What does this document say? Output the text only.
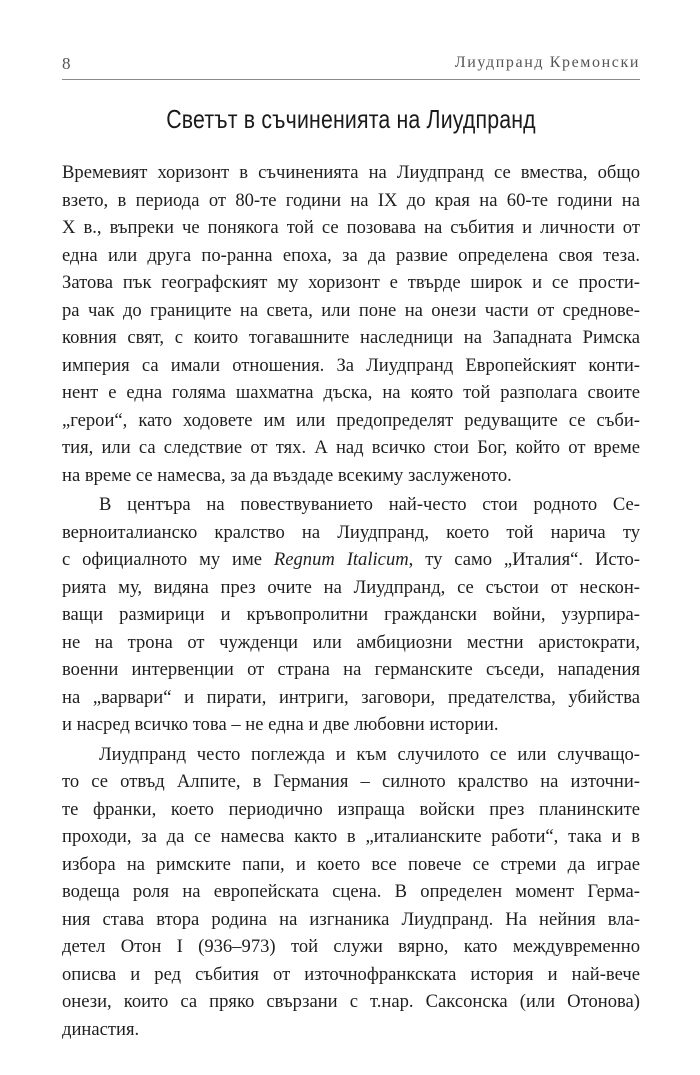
8	Лиудпранд Кремонски
Светът в съчиненията на Лиудпранд
Времевият хоризонт в съчиненията на Лиудпранд се вмества, общо
взето, в периода от 80-те години на IX до края на 60-те години на
X в., въпреки че понякога той се позовава на събития и личности от
една или друга по-ранна епоха, за да развие определена своя теза.
Затова пък географският му хоризонт е твърде широк и се прости-
ра чак до границите на света, или поне на онези части от среднове-
ковния свят, с които тогавашните наследници на Западната Римска
империя са имали отношения. За Лиудпранд Европейският конти-
нент е една голяма шахматна дъска, на която той разполага своите
„герои“, като ходовете им или предопределят редуващите се съби-
тия, или са следствие от тях. А над всичко стои Бог, който от време
на време се намесва, за да въздаде всекиму заслуженото.
В центъра на повествуванието най-често стои родното Се-
верноиталианско кралство на Лиудпранд, което той нарича ту
с официалното му име Regnum Italicum, ту само „Италия“. Исто-
рията му, видяна през очите на Лиудпранд, се състои от нескон-
ващи размирици и кръвопролитни граждански войни, узурпира-
не на трона от чужденци или амбициозни местни аристократи,
военни интервенции от страна на германските съседи, нападения
на „варвари“ и пирати, интриги, заговори, предателства, убийства
и насред всичко това – не една и две любовни истории.
Лиудпранд често поглежда и към случилото се или случващо-
то се отвъд Алпите, в Германия – силното кралство на източни-
те франки, което периодично изпраща войски през планинските
проходи, за да се намесва както в „италианските работи“, така и в
избора на римските папи, и което все повече се стреми да играе
водеща роля на европейската сцена. В определен момент Герма-
ния става втора родина на изгнаника Лиудпранд. На нейния вла-
детел Отон I (936–973) той служи вярно, като междувременно
описва и ред събития от източнофранкската история и най-вече
онези, които са пряко свързани с т.нар. Саксонска (или Отонова)
династия.
